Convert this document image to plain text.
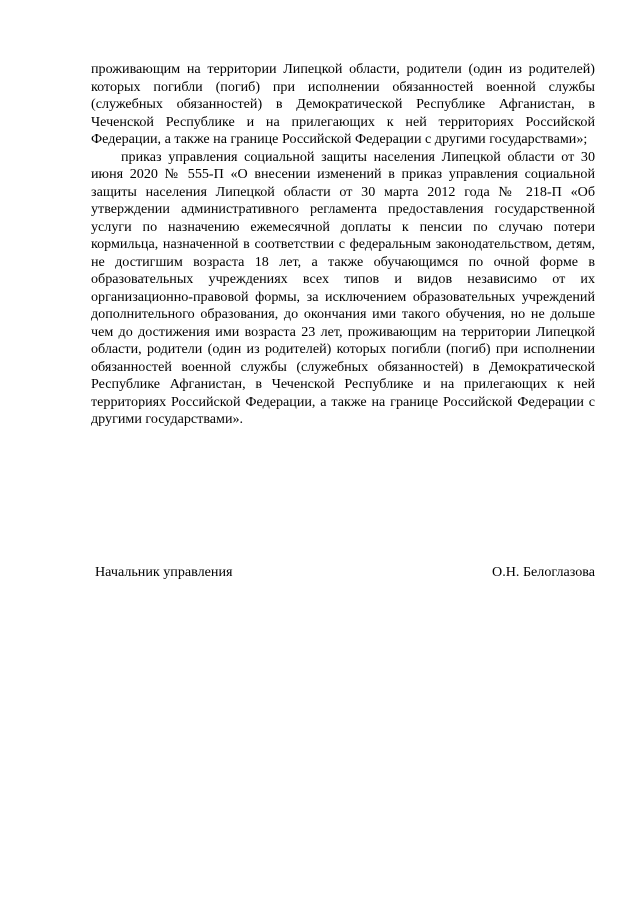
проживающим на территории Липецкой области, родители (один из родителей) которых погибли (погиб) при исполнении обязанностей военной службы (служебных обязанностей) в Демократической Республике Афганистан, в Чеченской Республике и на прилегающих к ней территориях Российской Федерации, а также на границе Российской Федерации с другими государствами»;

приказ управления социальной защиты населения Липецкой области от 30 июня 2020 № 555-П «О внесении изменений в приказ управления социальной защиты населения Липецкой области от 30 марта 2012 года № 218-П «Об утверждении административного регламента предоставления государственной услуги по назначению ежемесячной доплаты к пенсии по случаю потери кормильца, назначенной в соответствии с федеральным законодательством, детям, не достигшим возраста 18 лет, а также обучающимся по очной форме в образовательных учреждениях всех типов и видов независимо от их организационно-правовой формы, за исключением образовательных учреждений дополнительного образования, до окончания ими такого обучения, но не дольше чем до достижения ими возраста 23 лет, проживающим на территории Липецкой области, родители (один из родителей) которых погибли (погиб) при исполнении обязанностей военной службы (служебных обязанностей) в Демократической Республике Афганистан, в Чеченской Республике и на прилегающих к ней территориях Российской Федерации, а также на границе Российской Федерации с другими государствами».

Начальник управления	О.Н. Белоглазова
